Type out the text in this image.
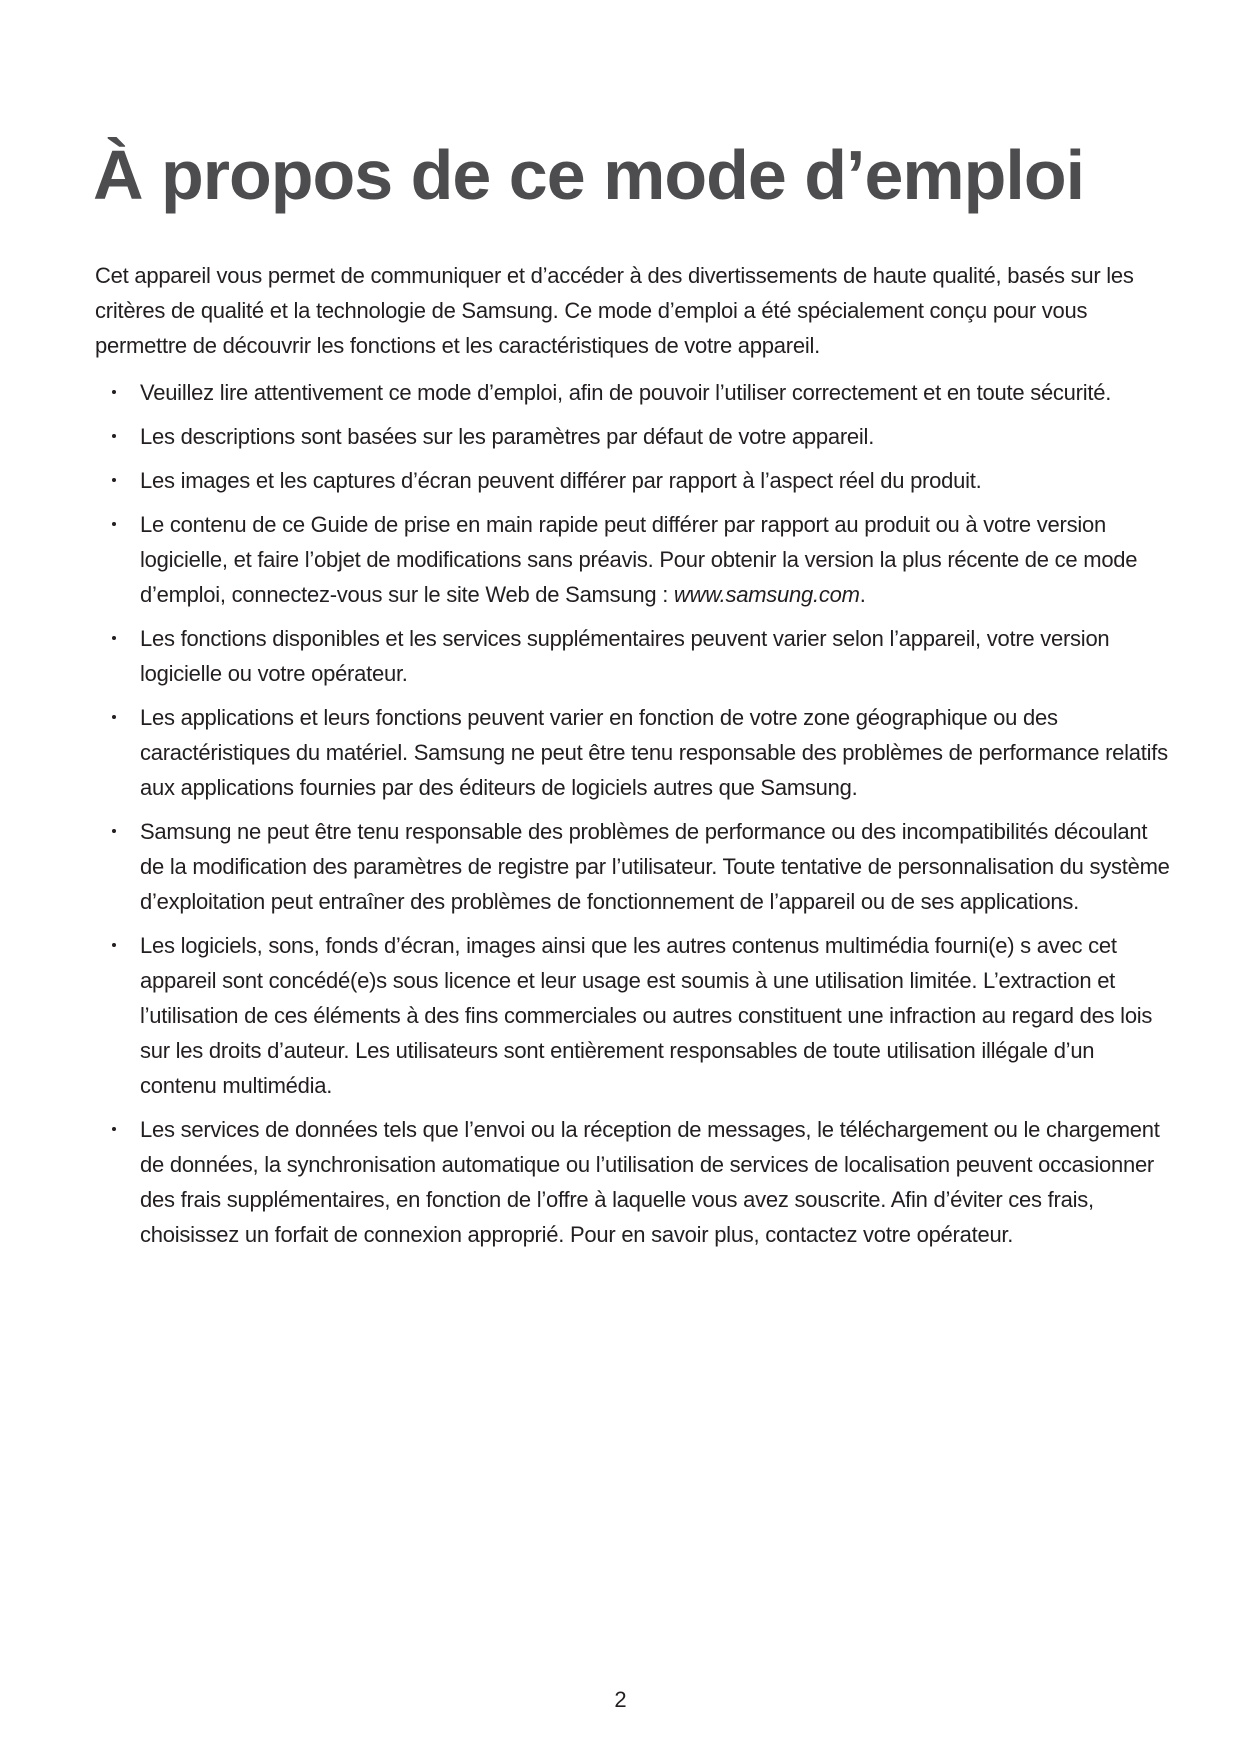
À propos de ce mode d’emploi

Cet appareil vous permet de communiquer et d’accéder à des divertissements de haute qualité, basés sur les critères de qualité et la technologie de Samsung. Ce mode d’emploi a été spécialement conçu pour vous permettre de découvrir les fonctions et les caractéristiques de votre appareil.

Veuillez lire attentivement ce mode d’emploi, afin de pouvoir l’utiliser correctement et en toute sécurité.
Les descriptions sont basées sur les paramètres par défaut de votre appareil.
Les images et les captures d’écran peuvent différer par rapport à l’aspect réel du produit.
Le contenu de ce Guide de prise en main rapide peut différer par rapport au produit ou à votre version logicielle, et faire l’objet de modifications sans préavis. Pour obtenir la version la plus récente de ce mode d’emploi, connectez-vous sur le site Web de Samsung : www.samsung.com.
Les fonctions disponibles et les services supplémentaires peuvent varier selon l’appareil, votre version logicielle ou votre opérateur.
Les applications et leurs fonctions peuvent varier en fonction de votre zone géographique ou des caractéristiques du matériel. Samsung ne peut être tenu responsable des problèmes de performance relatifs aux applications fournies par des éditeurs de logiciels autres que Samsung.
Samsung ne peut être tenu responsable des problèmes de performance ou des incompatibilités découlant de la modification des paramètres de registre par l’utilisateur. Toute tentative de personnalisation du système d’exploitation peut entraîner des problèmes de fonctionnement de l’appareil ou de ses applications.
Les logiciels, sons, fonds d’écran, images ainsi que les autres contenus multimédia fourni(e) s avec cet appareil sont concédé(e)s sous licence et leur usage est soumis à une utilisation limitée. L’extraction et l’utilisation de ces éléments à des fins commerciales ou autres constituent une infraction au regard des lois sur les droits d’auteur. Les utilisateurs sont entièrement responsables de toute utilisation illégale d’un contenu multimédia.
Les services de données tels que l’envoi ou la réception de messages, le téléchargement ou le chargement de données, la synchronisation automatique ou l’utilisation de services de localisation peuvent occasionner des frais supplémentaires, en fonction de l’offre à laquelle vous avez souscrite. Afin d’éviter ces frais, choisissez un forfait de connexion approprié. Pour en savoir plus, contactez votre opérateur.
2
